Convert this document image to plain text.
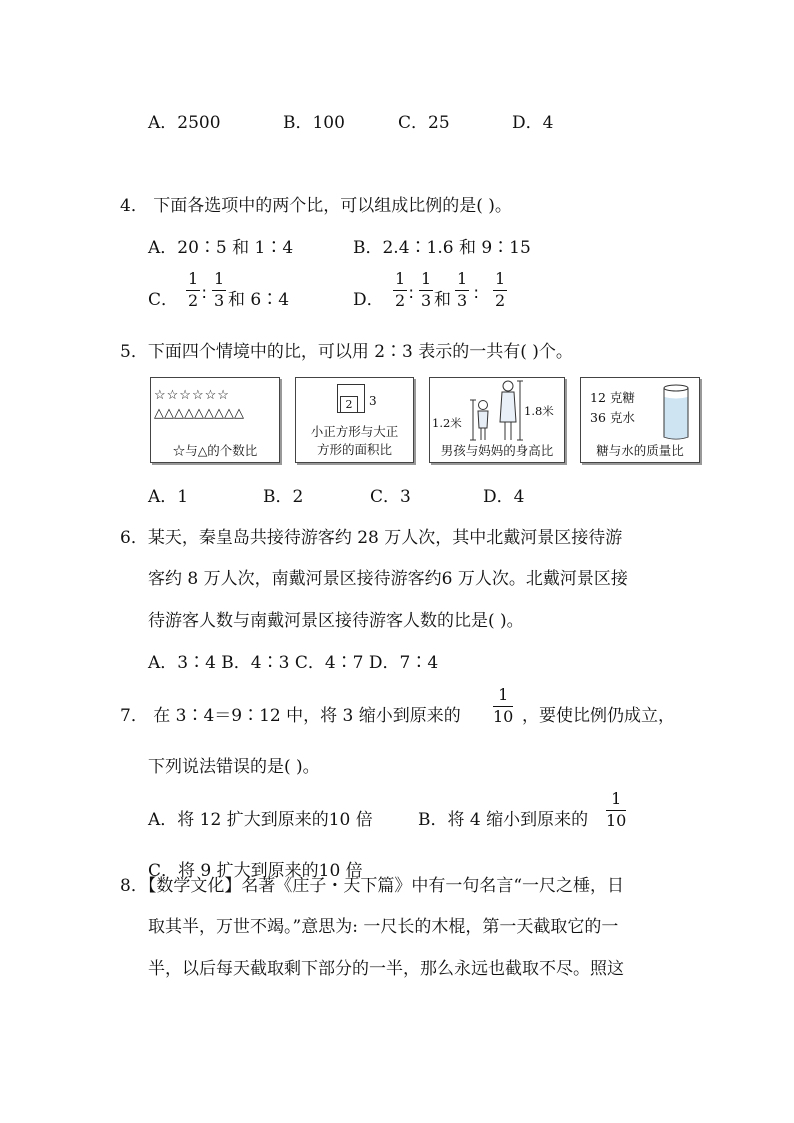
A．2500	B．100	C．25	D．4
4． 下面各选项中的两个比，可以组成比例的是( )。
A．20∶5 和 1∶4	B．2.4∶1.6 和 9∶15
C．
1
2 ∶
1
3 和 6∶4	D．
1
2 ∶
1
3 和
1
3 ∶
1
2
5．下面四个情境中的比，可以用 2∶3 表示的一共有( )个。
☆☆☆☆☆☆
△△△△△△△△△
☆与△的个数比
2	3
小正方形与大正
方形的面积比
1.2米
1.8米
男孩与妈妈的身高比
12 克糖
36 克水
糖与水的质量比
A．1	B．2	C．3	D．4
6．某天，秦皇岛共接待游客约 28 万人次，其中北戴河景区接待游
客约 8 万人次，南戴河景区接待游客约6 万人次。北戴河景区接
待游客人数与南戴河景区接待游客人数的比是( )。
A．3∶4 B．4∶3 C．4∶7 D．7∶4
7． 在 3∶4＝9∶12 中，将 3 缩小到原来的
1
10 ，要使比例仍成立，
下列说法错误的是( )。
A．将 12 扩大到原来的10 倍	B．将 4 缩小到原来的
1
10
C．将 9 扩大到原来的10 倍
8．【数学文化】名著《庄子・天下篇》中有一句名言“一尺之棰，日
取其半，万世不竭。”意思为: 一尺长的木棍，第一天截取它的一
半，以后每天截取剩下部分的一半，那么永远也截取不尽。照这
